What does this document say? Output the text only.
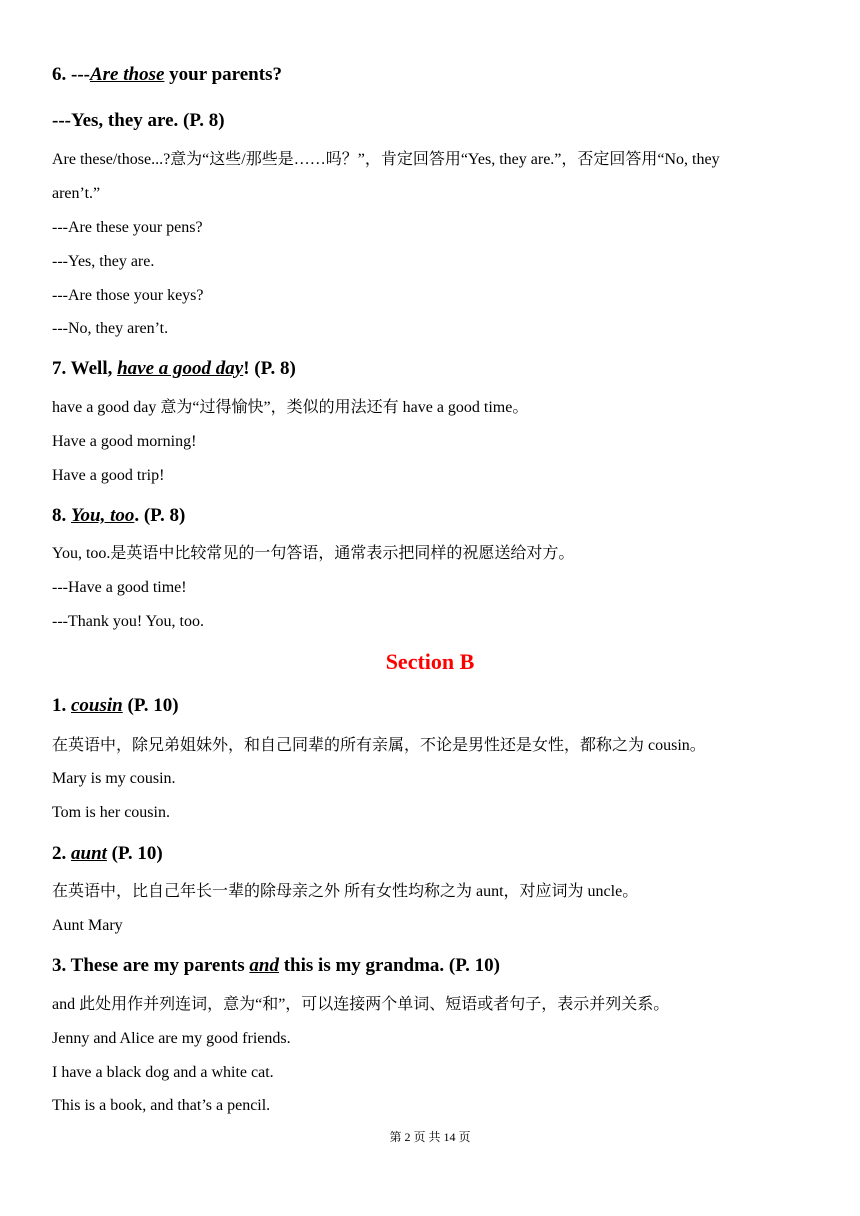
6. ---Are those your parents?
---Yes, they are. (P. 8)
Are these/those...?意为“这些/那些是……吗？”，肯定回答用“Yes, they are.”，否定回答用“No, they
aren’t.”
---Are these your pens?
---Yes, they are.
---Are those your keys?
---No, they aren’t.
7. Well, have a good day! (P. 8)
have a good day 意为“过得愉快”，类似的用法还有 have a good time。
Have a good morning!
Have a good trip!
8. You, too. (P. 8)
You, too.是英语中比较常见的一句答语，通常表示把同样的祝愿送给对方。
---Have a good time!
---Thank you! You, too.
Section B
1. cousin (P. 10)
在英语中，除兄弟姐妹外，和自己同辈的所有亲属，不论是男性还是女性，都称之为 cousin。
Mary is my cousin.
Tom is her cousin.
2. aunt (P. 10)
在英语中，比自己年长一辈的除母亲之外 所有女性均称之为 aunt，对应词为 uncle。
Aunt Mary
3. These are my parents and this is my grandma. (P. 10)
and 此处用作并列连词，意为“和”，可以连接两个单词、短语或者句子，表示并列关系。
Jenny and Alice are my good friends.
I have a black dog and a white cat.
This is a book, and that’s a pencil.
第 2 页 共 14 页
